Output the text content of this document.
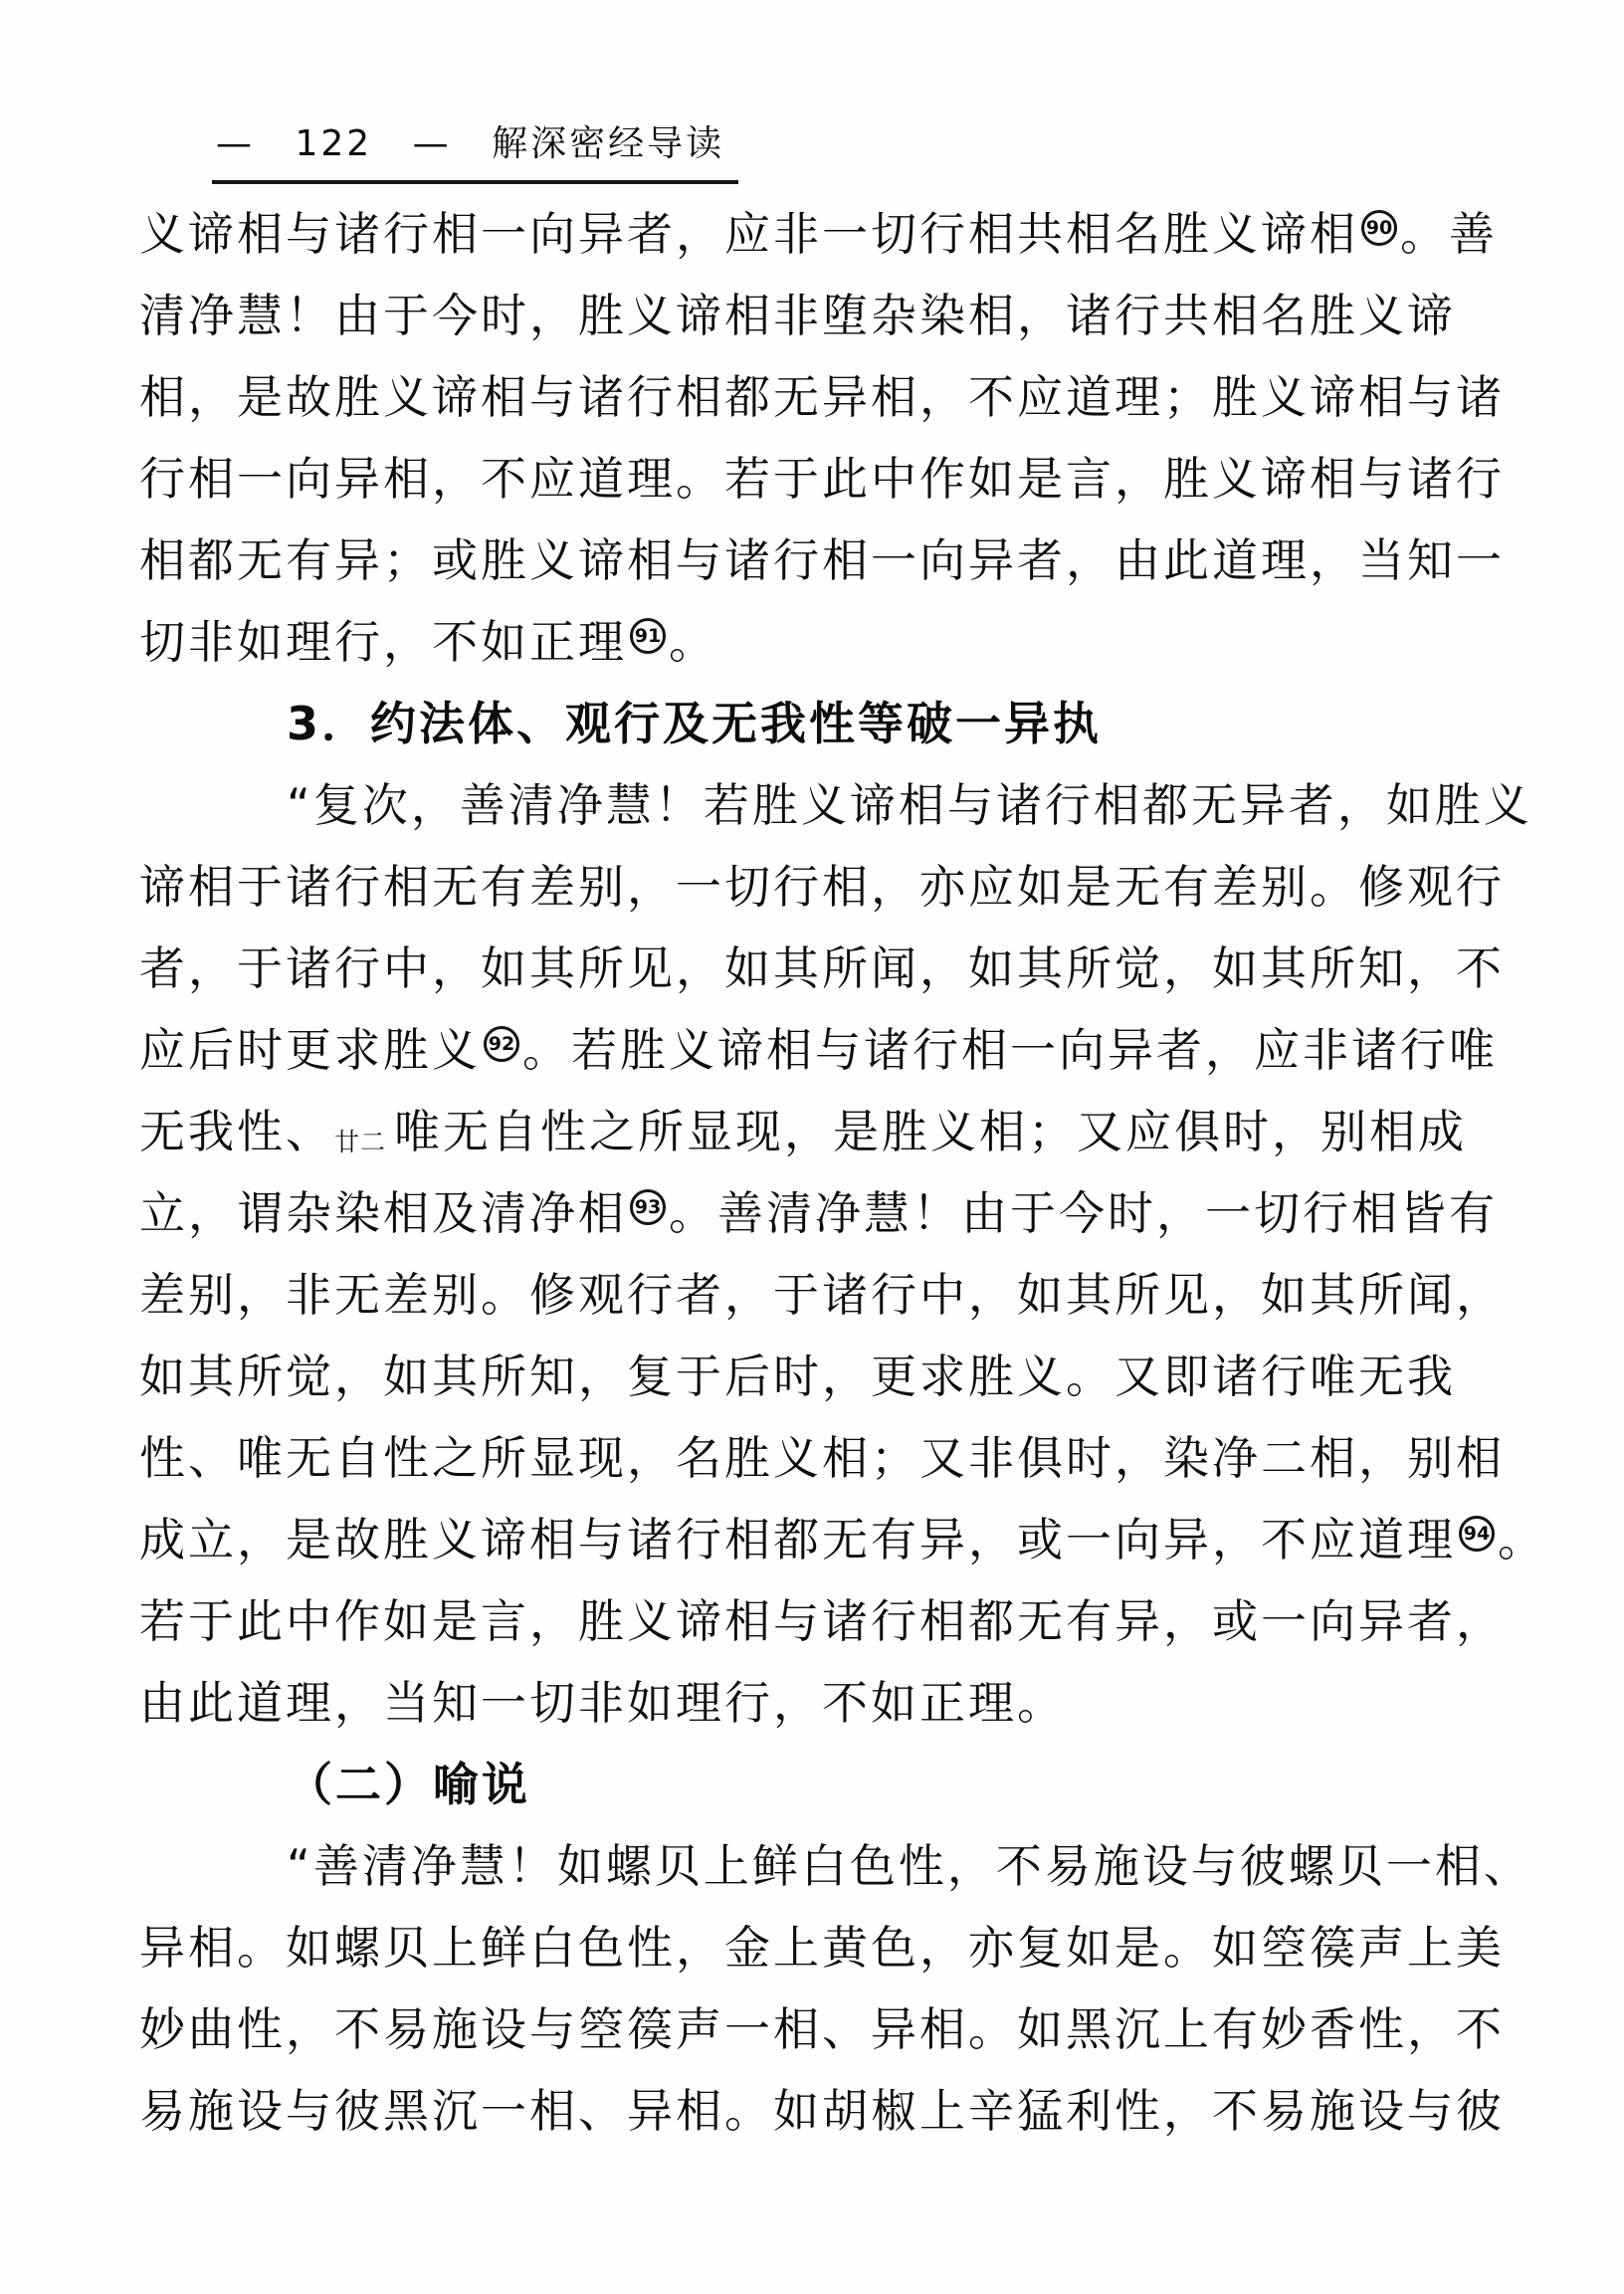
— 122 — 解深密经导读
义谛相与诸行相一向异者，应非一切行相共相名胜义谛相 90 。善
清净慧！由于今时，胜义谛相非堕杂染相，诸行共相名胜义谛
相，是故胜义谛相与诸行相都无异相，不应道理；胜义谛相与诸
行相一向异相，不应道理。若于此中作如是言，胜义谛相与诸行
相都无有异；或胜义谛相与诸行相一向异者，由此道理，当知一
切非如理行，不如正理 91 。
3．约法体、观行及无我性等破一异执
“复次，善清净慧！若胜义谛相与诸行相都无异者，如胜义
谛相于诸行相无有差别，一切行相，亦应如是无有差别。修观行
者，于诸行中，如其所见，如其所闻，如其所觉，如其所知，不
应后时更求胜义 92 。若胜义谛相与诸行相一向异者，应非诸行唯
无我性、廿二 唯无自性之所显现，是胜义相；又应俱时，别相成
立，谓杂染相及清净相 93 。善清净慧！由于今时，一切行相皆有
差别，非无差别。修观行者，于诸行中，如其所见，如其所闻，
如其所觉，如其所知，复于后时，更求胜义。又即诸行唯无我
性、唯无自性之所显现，名胜义相；又非俱时，染净二相，别相
成立，是故胜义谛相与诸行相都无有异，或一向异，不应道理 94 。
若于此中作如是言，胜义谛相与诸行相都无有异，或一向异者，
由此道理，当知一切非如理行，不如正理。
（二）喻说
“善清净慧！如螺贝上鲜白色性，不易施设与彼螺贝一相、
异相。如螺贝上鲜白色性，金上黄色，亦复如是。如箜篌声上美
妙曲性，不易施设与箜篌声一相、异相。如黑沉上有妙香性，不
易施设与彼黑沉一相、异相。如胡椒上辛猛利性，不易施设与彼
